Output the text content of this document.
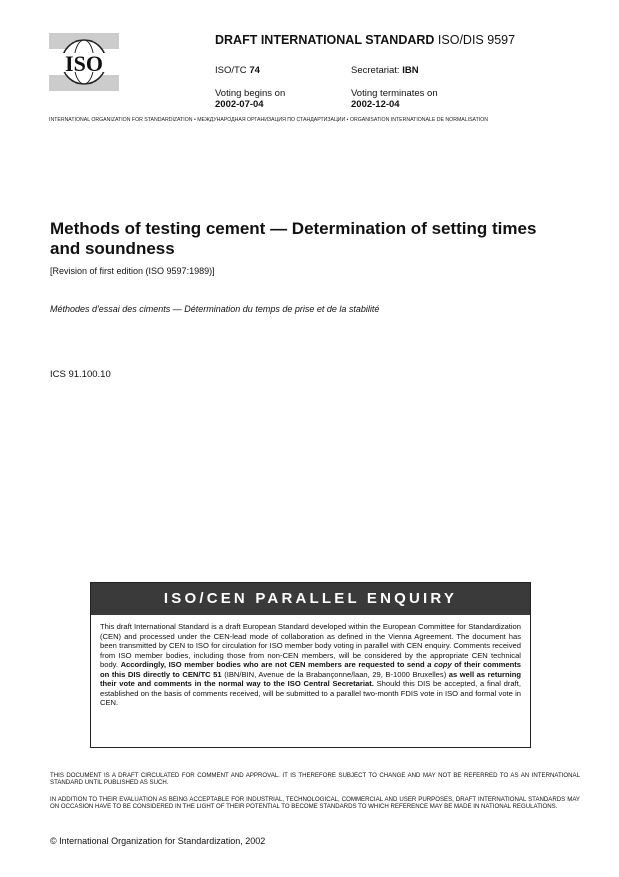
ISO
DRAFT INTERNATIONAL STANDARD ISO/DIS 9597
ISO/TC 74	Secretariat: IBN
Voting begins on
2002-07-04
Voting terminates on
2002-12-04
INTERNATIONAL ORGANIZATION FOR STANDARDIZATION • МЕЖДУНАРОДНАЯ ОРГАНИЗАЦИЯ ПО СТАНДАРТИЗАЦИИ • ORGANISATION INTERNATIONALE DE NORMALISATION
Methods of testing cement — Determination of setting times and soundness
[Revision of first edition (ISO 9597:1989)]
Méthodes d'essai des ciments — Détermination du temps de prise et de la stabilité
ICS 91.100.10
ISO/CEN PARALLEL ENQUIRY
This draft International Standard is a draft European Standard developed within the European Committee for Standardization (CEN) and processed under the CEN-lead mode of collaboration as defined in the Vienna Agreement. The document has been transmitted by CEN to ISO for circulation for ISO member body voting in parallel with CEN enquiry. Comments received from ISO member bodies, including those from non-CEN members, will be considered by the appropriate CEN technical body. Accordingly, ISO member bodies who are not CEN members are requested to send a copy of their comments on this DIS directly to CEN/TC 51 (IBN/BIN, Avenue de la Brabançonne/laan, 29, B-1000 Bruxelles) as well as returning their vote and comments in the normal way to the ISO Central Secretariat. Should this DIS be accepted, a final draft, established on the basis of comments received, will be submitted to a parallel two-month FDIS vote in ISO and formal vote in CEN.
THIS DOCUMENT IS A DRAFT CIRCULATED FOR COMMENT AND APPROVAL. IT IS THEREFORE SUBJECT TO CHANGE AND MAY NOT BE REFERRED TO AS AN INTERNATIONAL STANDARD UNTIL PUBLISHED AS SUCH.
IN ADDITION TO THEIR EVALUATION AS BEING ACCEPTABLE FOR INDUSTRIAL, TECHNOLOGICAL, COMMERCIAL AND USER PURPOSES, DRAFT INTERNATIONAL STANDARDS MAY ON OCCASION HAVE TO BE CONSIDERED IN THE LIGHT OF THEIR POTENTIAL TO BECOME STANDARDS TO WHICH REFERENCE MAY BE MADE IN NATIONAL REGULATIONS.
© International Organization for Standardization, 2002
